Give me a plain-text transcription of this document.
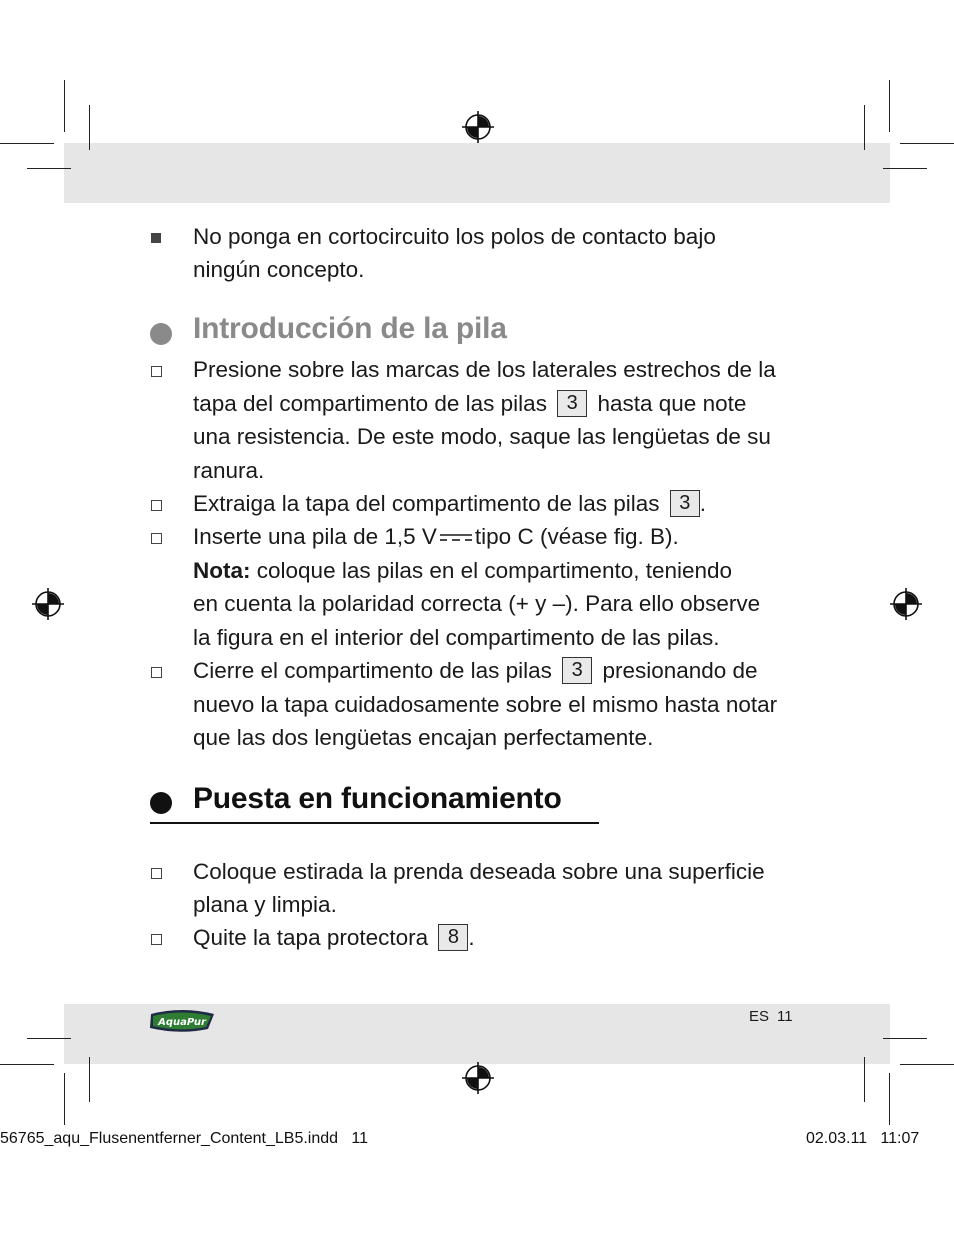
No ponga en cortocircuito los polos de contacto bajo
ningún concepto.
Introducción de la pila
Presione sobre las marcas de los laterales estrechos de la
tapa del compartimento de las pilas 3 hasta que note
una resistencia. De este modo, saque las lengüetas de su
ranura.
Extraiga la tapa del compartimento de las pilas 3 .
Inserte una pila de 1,5 V tipo C (véase fig. B).
Nota: coloque las pilas en el compartimento, teniendo
en cuenta la polaridad correcta (+ y –). Para ello observe
la figura en el interior del compartimento de las pilas.
Cierre el compartimento de las pilas 3 presionando de
nuevo la tapa cuidadosamente sobre el mismo hasta notar
que las dos lengüetas encajan perfectamente.
Puesta en funcionamiento
Coloque estirada la prenda deseada sobre una superficie
plana y limpia.
Quite la tapa protectora 8 .
AquaPur	ES 11
56765_aqu_Flusenentferner_Content_LB5.indd   11	02.03.11   11:07
